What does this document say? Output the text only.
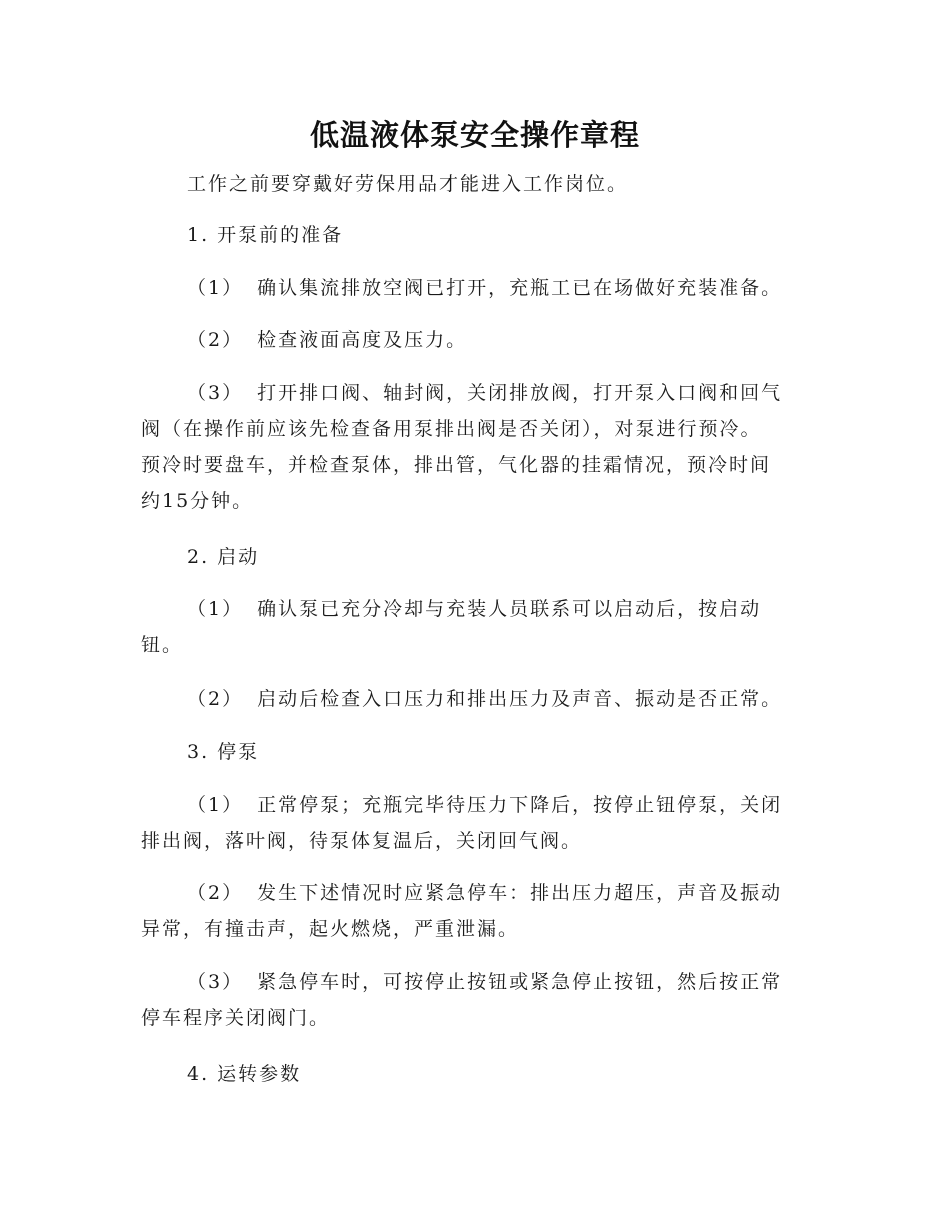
低温液体泵安全操作章程

工作之前要穿戴好劳保用品才能进入工作岗位。

1. 开泵前的准备

（1） 确认集流排放空阀已打开，充瓶工已在场做好充装准备。

（2） 检查液面高度及压力。

（3） 打开排口阀、轴封阀，关闭排放阀，打开泵入口阀和回气
阀（在操作前应该先检查备用泵排出阀是否关闭），对泵进行预冷。
预冷时要盘车，并检查泵体，排出管，气化器的挂霜情况，预冷时间
约15分钟。

2. 启动

（1） 确认泵已充分冷却与充装人员联系可以启动后，按启动
钮。

（2） 启动后检查入口压力和排出压力及声音、振动是否正常。

3. 停泵

（1） 正常停泵；充瓶完毕待压力下降后，按停止钮停泵，关闭
排出阀，落叶阀，待泵体复温后，关闭回气阀。

（2） 发生下述情况时应紧急停车：排出压力超压，声音及振动
异常，有撞击声，起火燃烧，严重泄漏。

（3） 紧急停车时，可按停止按钮或紧急停止按钮，然后按正常
停车程序关闭阀门。

4. 运转参数
